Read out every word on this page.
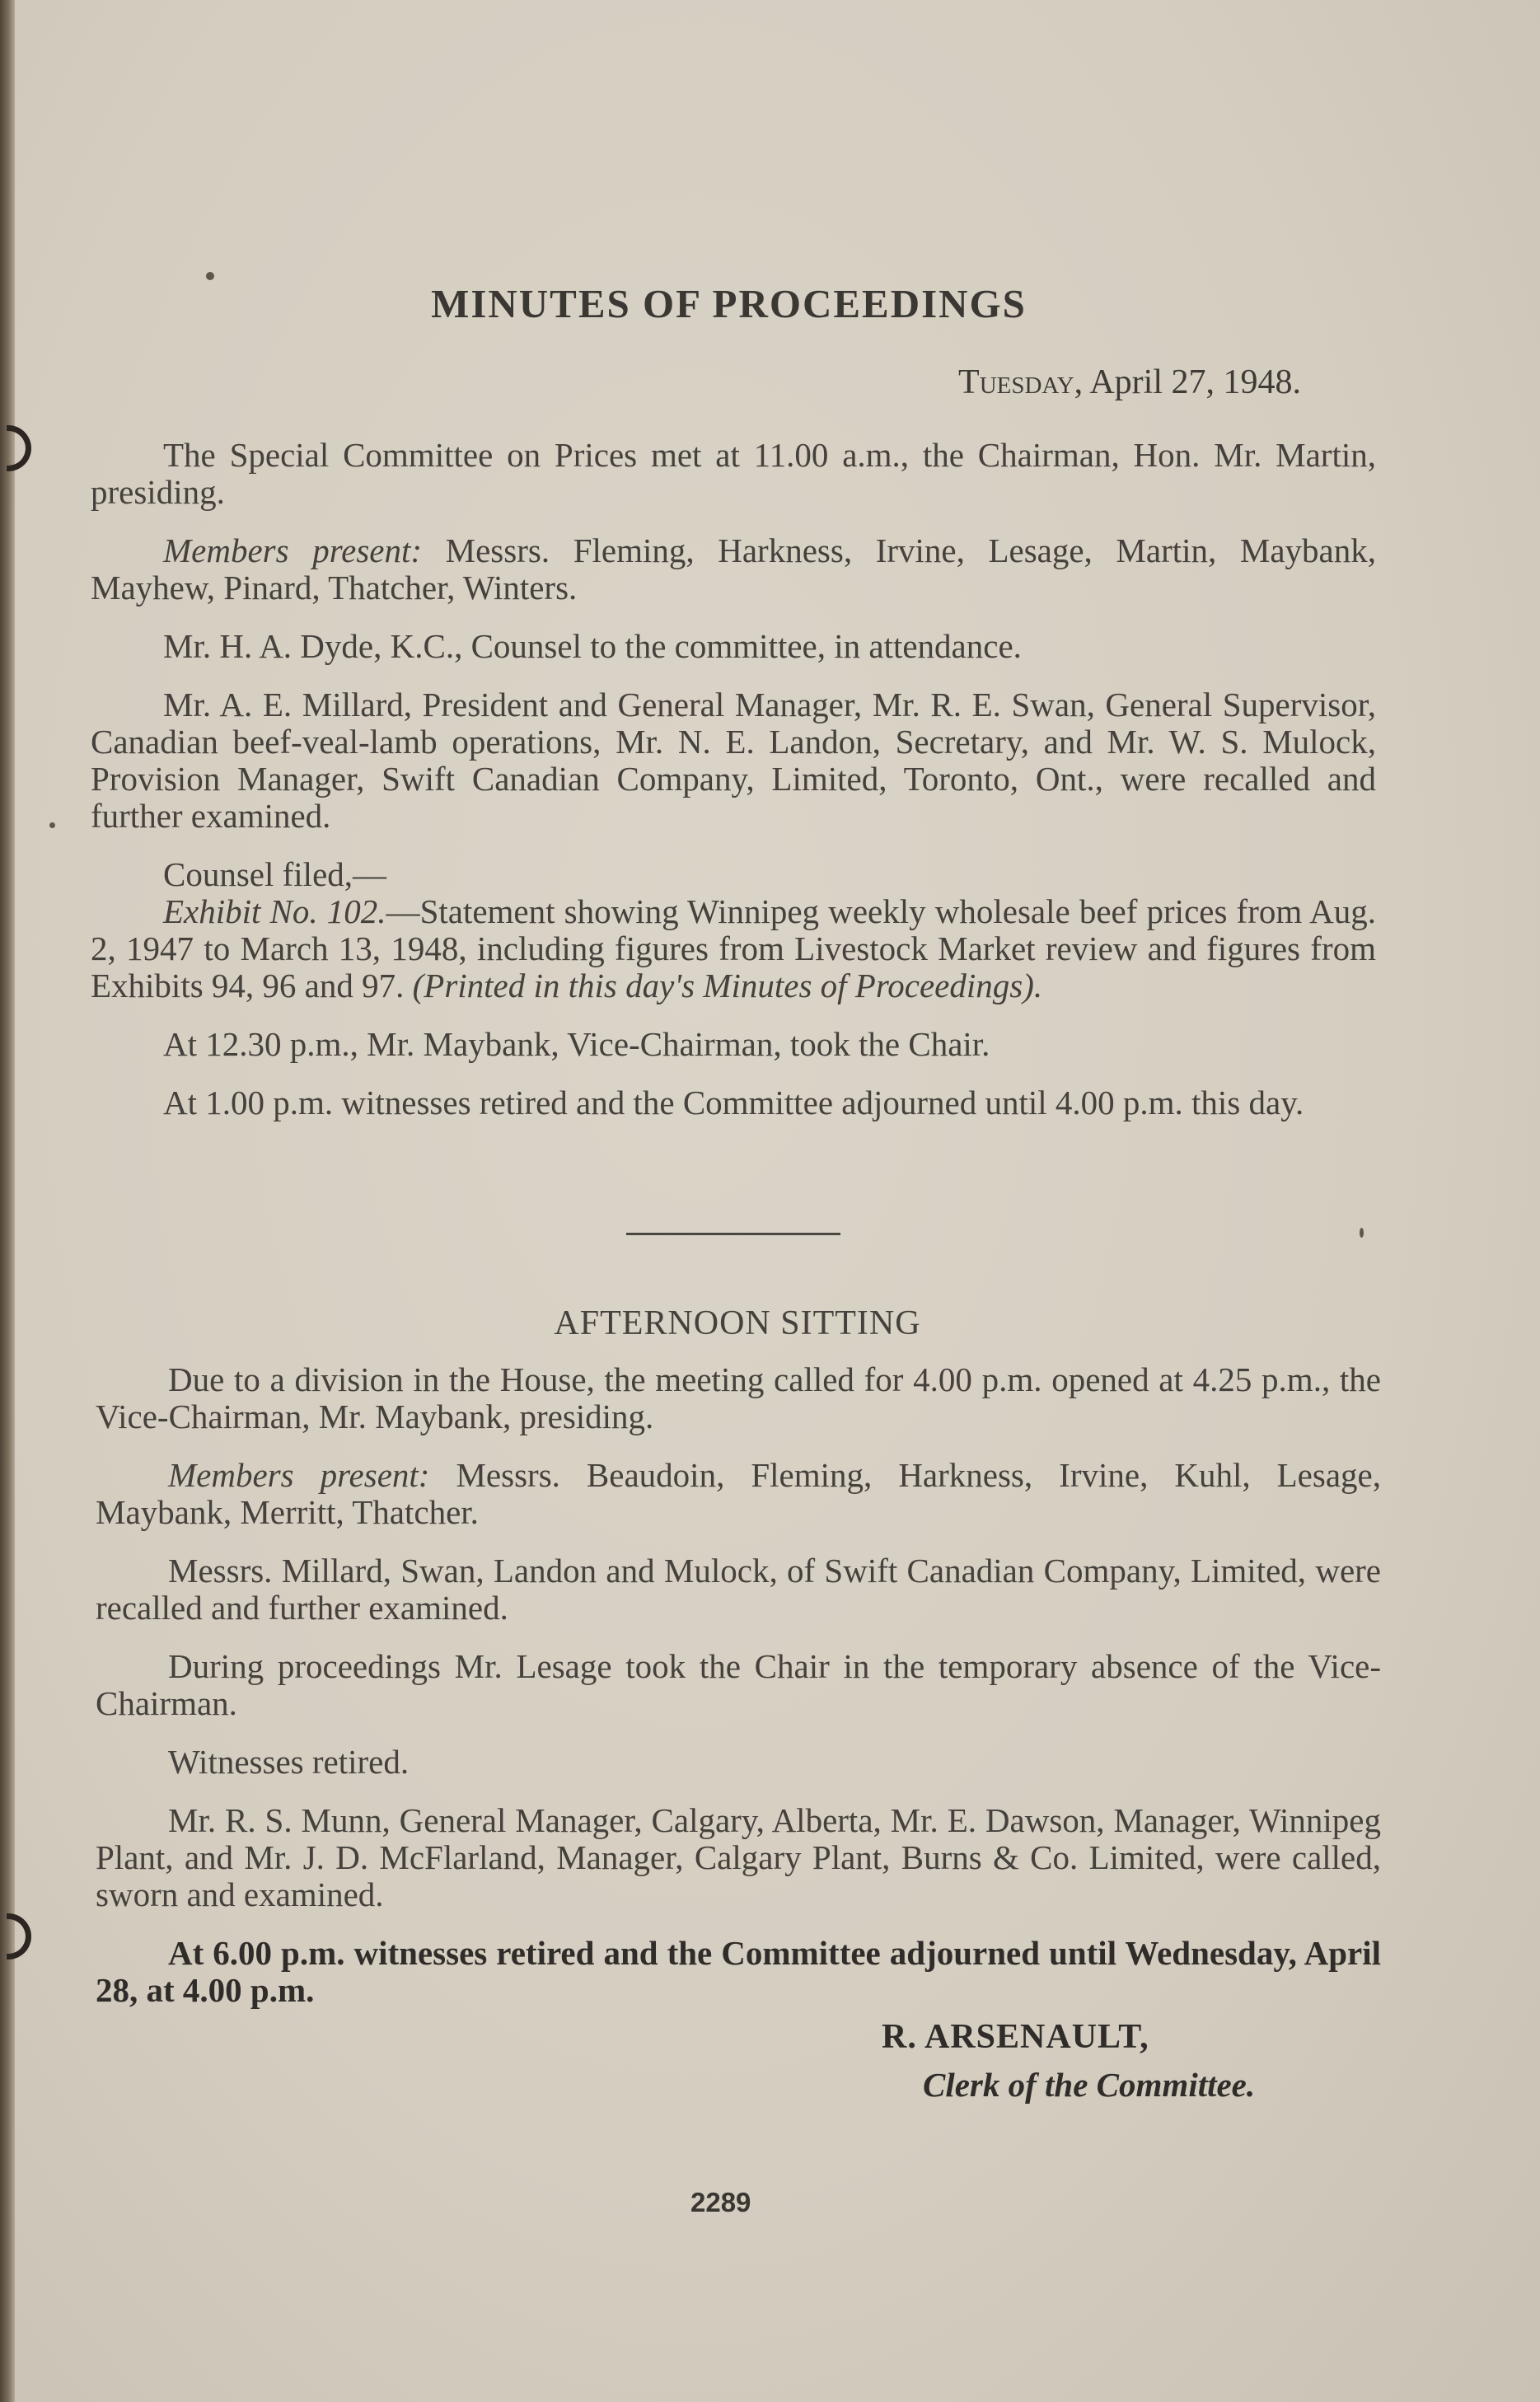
MINUTES OF PROCEEDINGS

Tuesday, April 27, 1948.

The Special Committee on Prices met at 11.00 a.m., the Chairman, Hon. Mr. Martin, presiding.

Members present: Messrs. Fleming, Harkness, Irvine, Lesage, Martin, Maybank, Mayhew, Pinard, Thatcher, Winters.

Mr. H. A. Dyde, K.C., Counsel to the committee, in attendance.

Mr. A. E. Millard, President and General Manager, Mr. R. E. Swan, General Supervisor, Canadian beef-veal-lamb operations, Mr. N. E. Landon, Secretary, and Mr. W. S. Mulock, Provision Manager, Swift Canadian Company, Limited, Toronto, Ont., were recalled and further examined.

Counsel filed,—

Exhibit No. 102.—Statement showing Winnipeg weekly wholesale beef prices from Aug. 2, 1947 to March 13, 1948, including figures from Livestock Market review and figures from Exhibits 94, 96 and 97. (Printed in this day's Minutes of Proceedings).

At 12.30 p.m., Mr. Maybank, Vice-Chairman, took the Chair.

At 1.00 p.m. witnesses retired and the Committee adjourned until 4.00 p.m. this day.

AFTERNOON SITTING

Due to a division in the House, the meeting called for 4.00 p.m. opened at 4.25 p.m., the Vice-Chairman, Mr. Maybank, presiding.

Members present: Messrs. Beaudoin, Fleming, Harkness, Irvine, Kuhl, Lesage, Maybank, Merritt, Thatcher.

Messrs. Millard, Swan, Landon and Mulock, of Swift Canadian Company, Limited, were recalled and further examined.

During proceedings Mr. Lesage took the Chair in the temporary absence of the Vice-Chairman.

Witnesses retired.

Mr. R. S. Munn, General Manager, Calgary, Alberta, Mr. E. Dawson, Manager, Winnipeg Plant, and Mr. J. D. McFlarland, Manager, Calgary Plant, Burns & Co. Limited, were called, sworn and examined.

At 6.00 p.m. witnesses retired and the Committee adjourned until Wednesday, April 28, at 4.00 p.m.

R. ARSENAULT,
Clerk of the Committee.
2289
